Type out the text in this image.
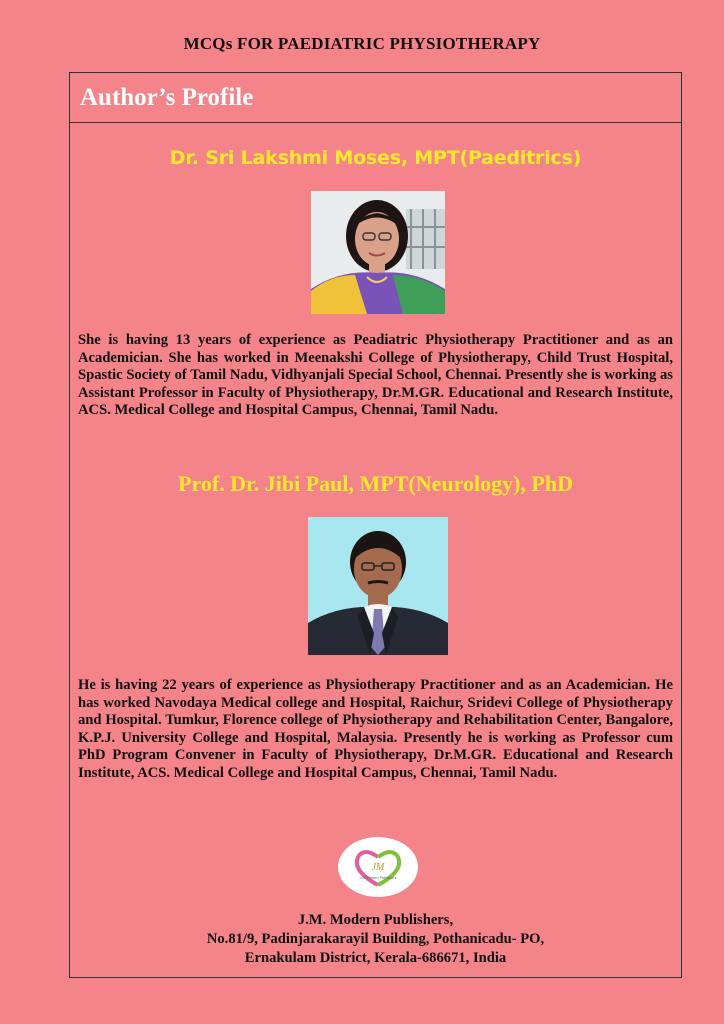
MCQs FOR PAEDIATRIC PHYSIOTHERAPY
Author’s Profile
Dr. Sri Lakshmi Moses, MPT(Paeditrics)
She is having 13 years of experience as Peadiatric Physiotherapy Practitioner and as an Academician. She has worked in Meenakshi College of Physiotherapy, Child Trust Hospital, Spastic Society of Tamil Nadu, Vidhyanjali Special School, Chennai. Presently she is working as Assistant Professor in Faculty of Physiotherapy, Dr.M.GR. Educational and Research Institute, ACS. Medical College and Hospital Campus, Chennai, Tamil Nadu.
Prof. Dr. Jibi Paul, MPT(Neurology), PhD
He is having 22 years of experience as Physiotherapy Practitioner and as an Academician. He has worked Navodaya Medical college and Hospital, Raichur, Sridevi College of Physiotherapy and Hospital. Tumkur, Florence college of Physiotherapy and Rehabilitation Center, Bangalore, K.P.J. University College and Hospital, Malaysia. Presently he is working as Professor cum PhD Program Convener in Faculty of Physiotherapy, Dr.M.GR. Educational and Research Institute, ACS. Medical College and Hospital Campus, Chennai, Tamil Nadu.
JM
J.M Modern Publishers
J.M. Modern Publishers,
No.81/9, Padinjarakarayil Building, Pothanicadu- PO,
Ernakulam District, Kerala-686671, India
